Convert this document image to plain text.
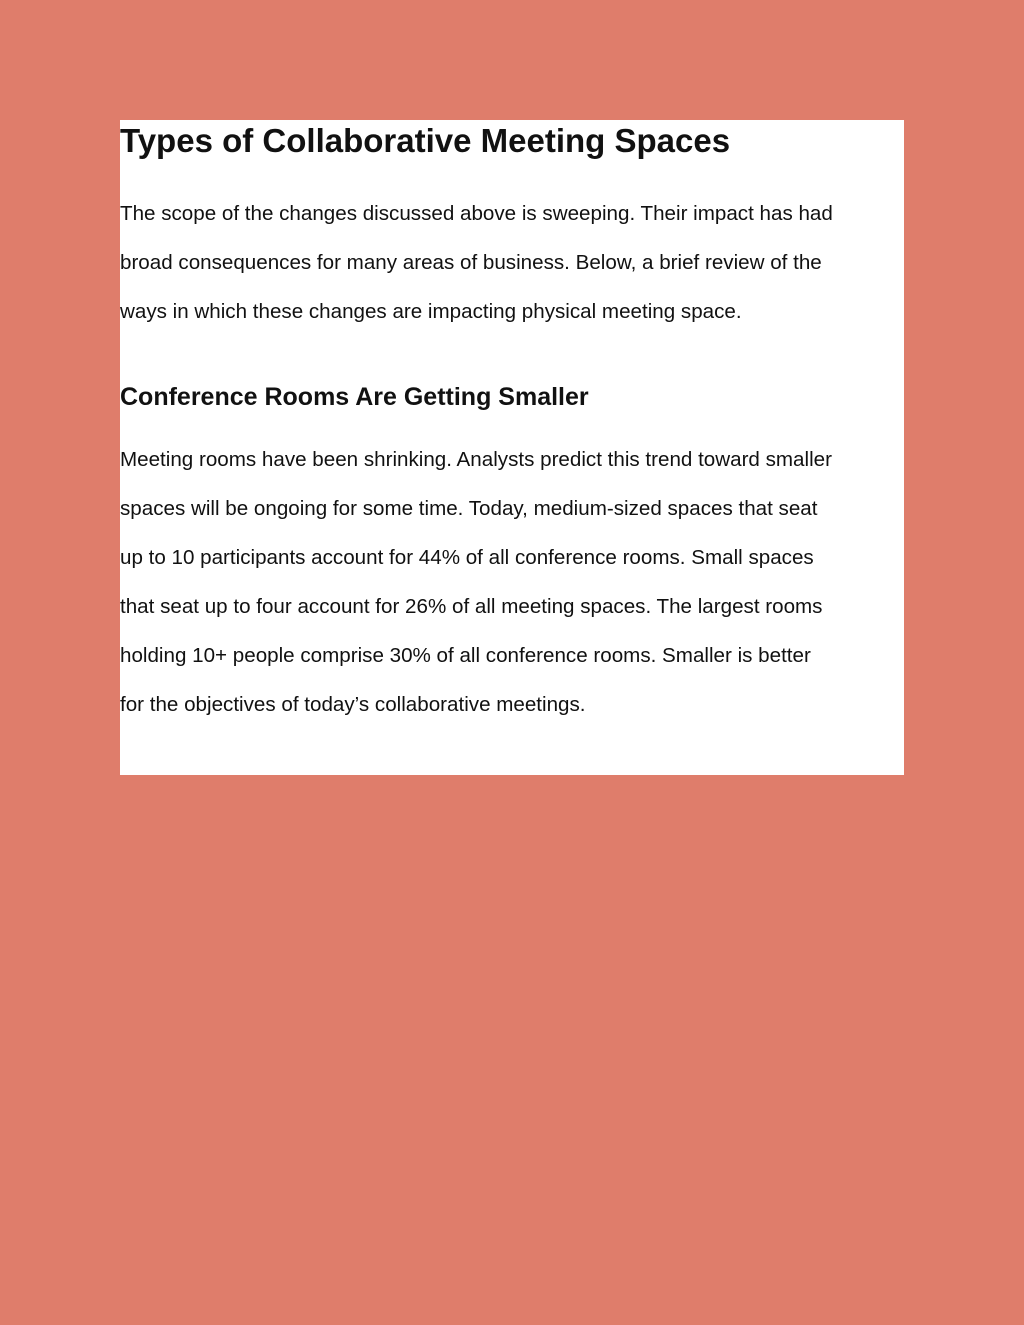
Types of Collaborative Meeting Spaces

The scope of the changes discussed above is sweeping. Their impact has had
broad consequences for many areas of business. Below, a brief review of the
ways in which these changes are impacting physical meeting space.

Conference Rooms Are Getting Smaller

Meeting rooms have been shrinking. Analysts predict this trend toward smaller
spaces will be ongoing for some time. Today, medium-sized spaces that seat
up to 10 participants account for 44% of all conference rooms. Small spaces
that seat up to four account for 26% of all meeting spaces. The largest rooms
holding 10+ people comprise 30% of all conference rooms. Smaller is better
for the objectives of today’s collaborative meetings.
